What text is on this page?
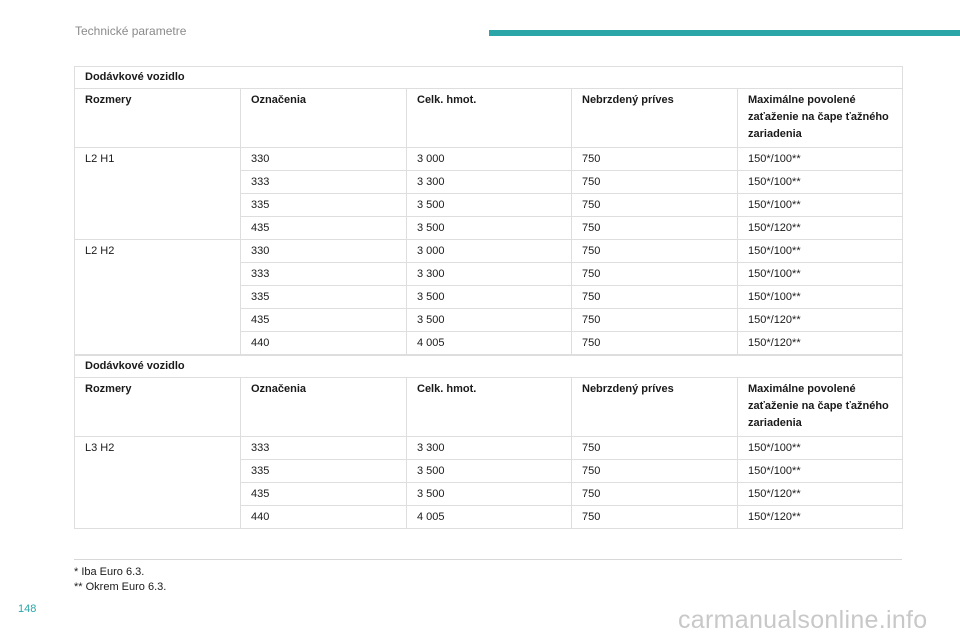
Technické parametre
Dodávkové vozidlo				
Rozmery	Označenia	Celk. hmot.	Nebrzdený príves	Maximálne povolené zaťaženie na čape ťažného zariadenia
L2 H1	330	3 000	750	150*/100**
	333	3 300	750	150*/100**
	335	3 500	750	150*/100**
	435	3 500	750	150*/120**
L2 H2	330	3 000	750	150*/100**
	333	3 300	750	150*/100**
	335	3 500	750	150*/100**
	435	3 500	750	150*/120**
	440	4 005	750	150*/120**
Dodávkové vozidlo				
Rozmery	Označenia	Celk. hmot.	Nebrzdený príves	Maximálne povolené zaťaženie na čape ťažného zariadenia
L3 H2	333	3 300	750	150*/100**
	335	3 500	750	150*/100**
	435	3 500	750	150*/120**
	440	4 005	750	150*/120**
* Iba Euro 6.3.
** Okrem Euro 6.3.
148	carmanualsonline.info
